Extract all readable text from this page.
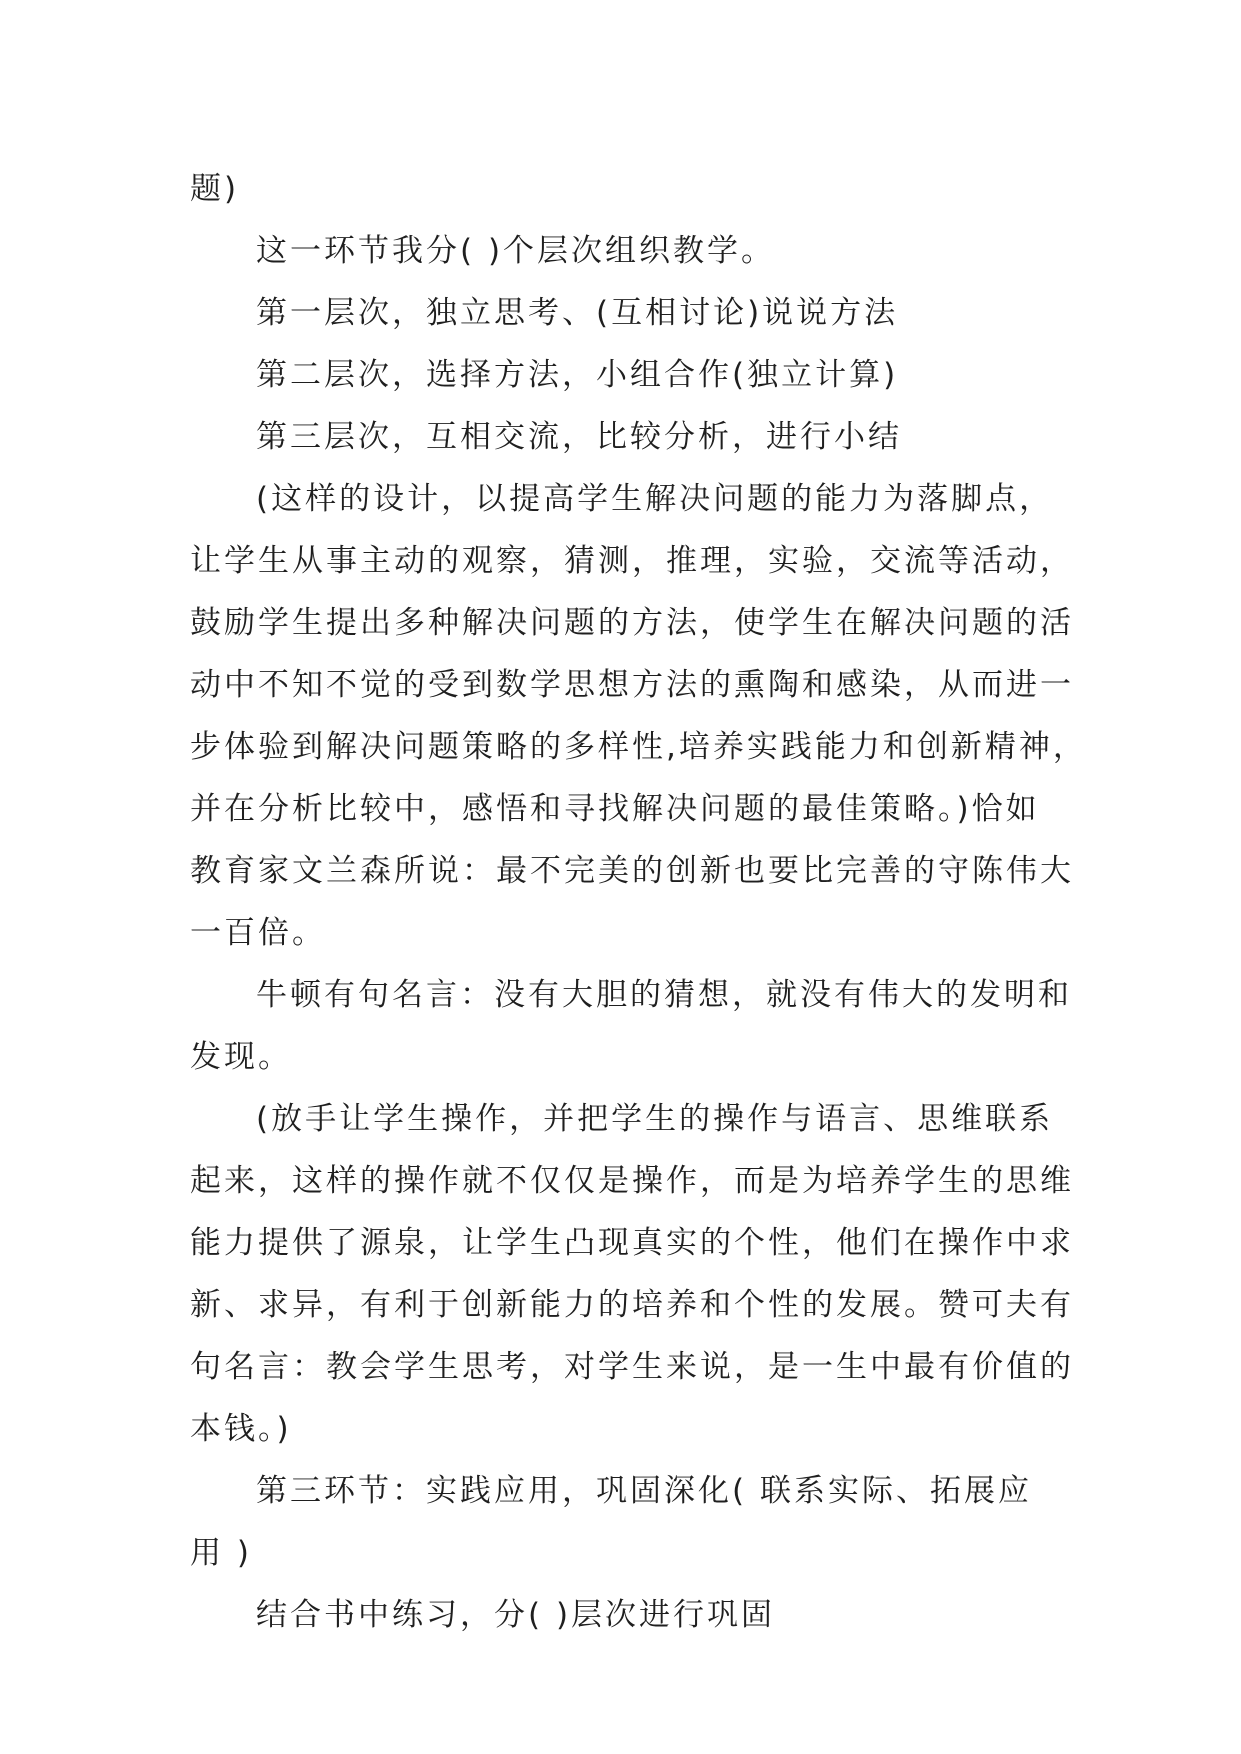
题)
这一环节我分( )个层次组织教学。
第一层次，独立思考、(互相讨论)说说方法
第二层次，选择方法，小组合作(独立计算)
第三层次，互相交流，比较分析，进行小结
(这样的设计，以提高学生解决问题的能力为落脚点，
让学生从事主动的观察，猜测，推理，实验，交流等活动，
鼓励学生提出多种解决问题的方法，使学生在解决问题的活
动中不知不觉的受到数学思想方法的熏陶和感染，从而进一
步体验到解决问题策略的多样性,培养实践能力和创新精神，
并在分析比较中，感悟和寻找解决问题的最佳策略。)恰如
教育家文兰森所说：最不完美的创新也要比完善的守陈伟大
一百倍。
牛顿有句名言：没有大胆的猜想，就没有伟大的发明和
发现。
(放手让学生操作，并把学生的操作与语言、思维联系
起来，这样的操作就不仅仅是操作，而是为培养学生的思维
能力提供了源泉，让学生凸现真实的个性，他们在操作中求
新、求异，有利于创新能力的培养和个性的发展。赞可夫有
句名言：教会学生思考，对学生来说，是一生中最有价值的
本钱。)
第三环节：实践应用，巩固深化( 联系实际、拓展应
用 )
结合书中练习，分( )层次进行巩固
